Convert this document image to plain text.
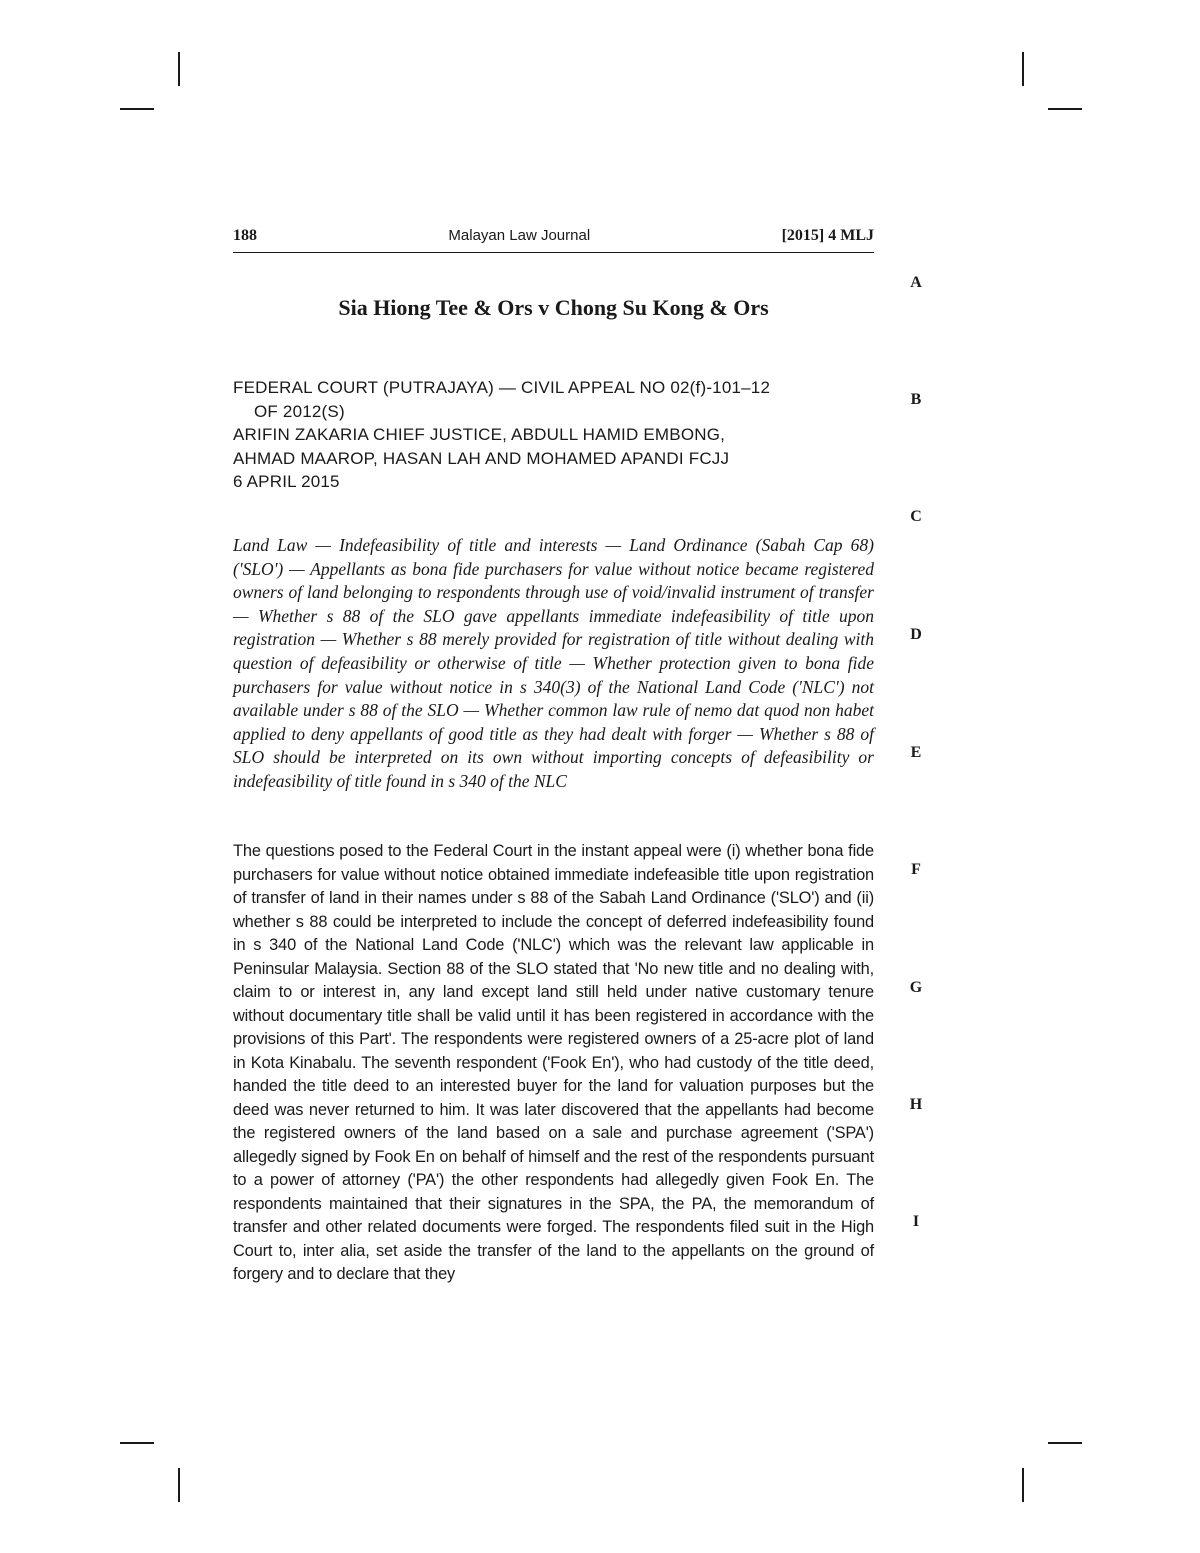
188	Malayan Law Journal	[2015] 4 MLJ
A
B
C
D
E
F
G
H
I
Sia Hiong Tee & Ors v Chong Su Kong & Ors
FEDERAL COURT (PUTRAJAYA) — CIVIL APPEAL NO 02(f)-101–12
OF 2012(S)
ARIFIN ZAKARIA CHIEF JUSTICE, ABDULL HAMID EMBONG,
AHMAD MAAROP, HASAN LAH AND MOHAMED APANDI FCJJ
6 APRIL 2015
Land Law — Indefeasibility of title and interests — Land Ordinance (Sabah Cap 68)('SLO') — Appellants as bona fide purchasers for value without notice became registered owners of land belonging to respondents through use of void/invalid instrument of transfer — Whether s 88 of the SLO gave appellants immediate indefeasibility of title upon registration — Whether s 88 merely provided for registration of title without dealing with question of defeasibility or otherwise of title — Whether protection given to bona fide purchasers for value without notice in s 340(3) of the National Land Code ('NLC') not available under s 88 of the SLO — Whether common law rule of nemo dat quod non habet applied to deny appellants of good title as they had dealt with forger — Whether s 88 of SLO should be interpreted on its own without importing concepts of defeasibility or indefeasibility of title found in s 340 of the NLC
The questions posed to the Federal Court in the instant appeal were (i) whether bona fide purchasers for value without notice obtained immediate indefeasible title upon registration of transfer of land in their names under s 88 of the Sabah Land Ordinance ('SLO') and (ii) whether s 88 could be interpreted to include the concept of deferred indefeasibility found in s 340 of the National Land Code ('NLC') which was the relevant law applicable in Peninsular Malaysia. Section 88 of the SLO stated that 'No new title and no dealing with, claim to or interest in, any land except land still held under native customary tenure without documentary title shall be valid until it has been registered in accordance with the provisions of this Part'. The respondents were registered owners of a 25-acre plot of land in Kota Kinabalu. The seventh respondent ('Fook En'), who had custody of the title deed, handed the title deed to an interested buyer for the land for valuation purposes but the deed was never returned to him. It was later discovered that the appellants had become the registered owners of the land based on a sale and purchase agreement ('SPA') allegedly signed by Fook En on behalf of himself and the rest of the respondents pursuant to a power of attorney ('PA') the other respondents had allegedly given Fook En. The respondents maintained that their signatures in the SPA, the PA, the memorandum of transfer and other related documents were forged. The respondents filed suit in the High Court to, inter alia, set aside the transfer of the land to the appellants on the ground of forgery and to declare that they
